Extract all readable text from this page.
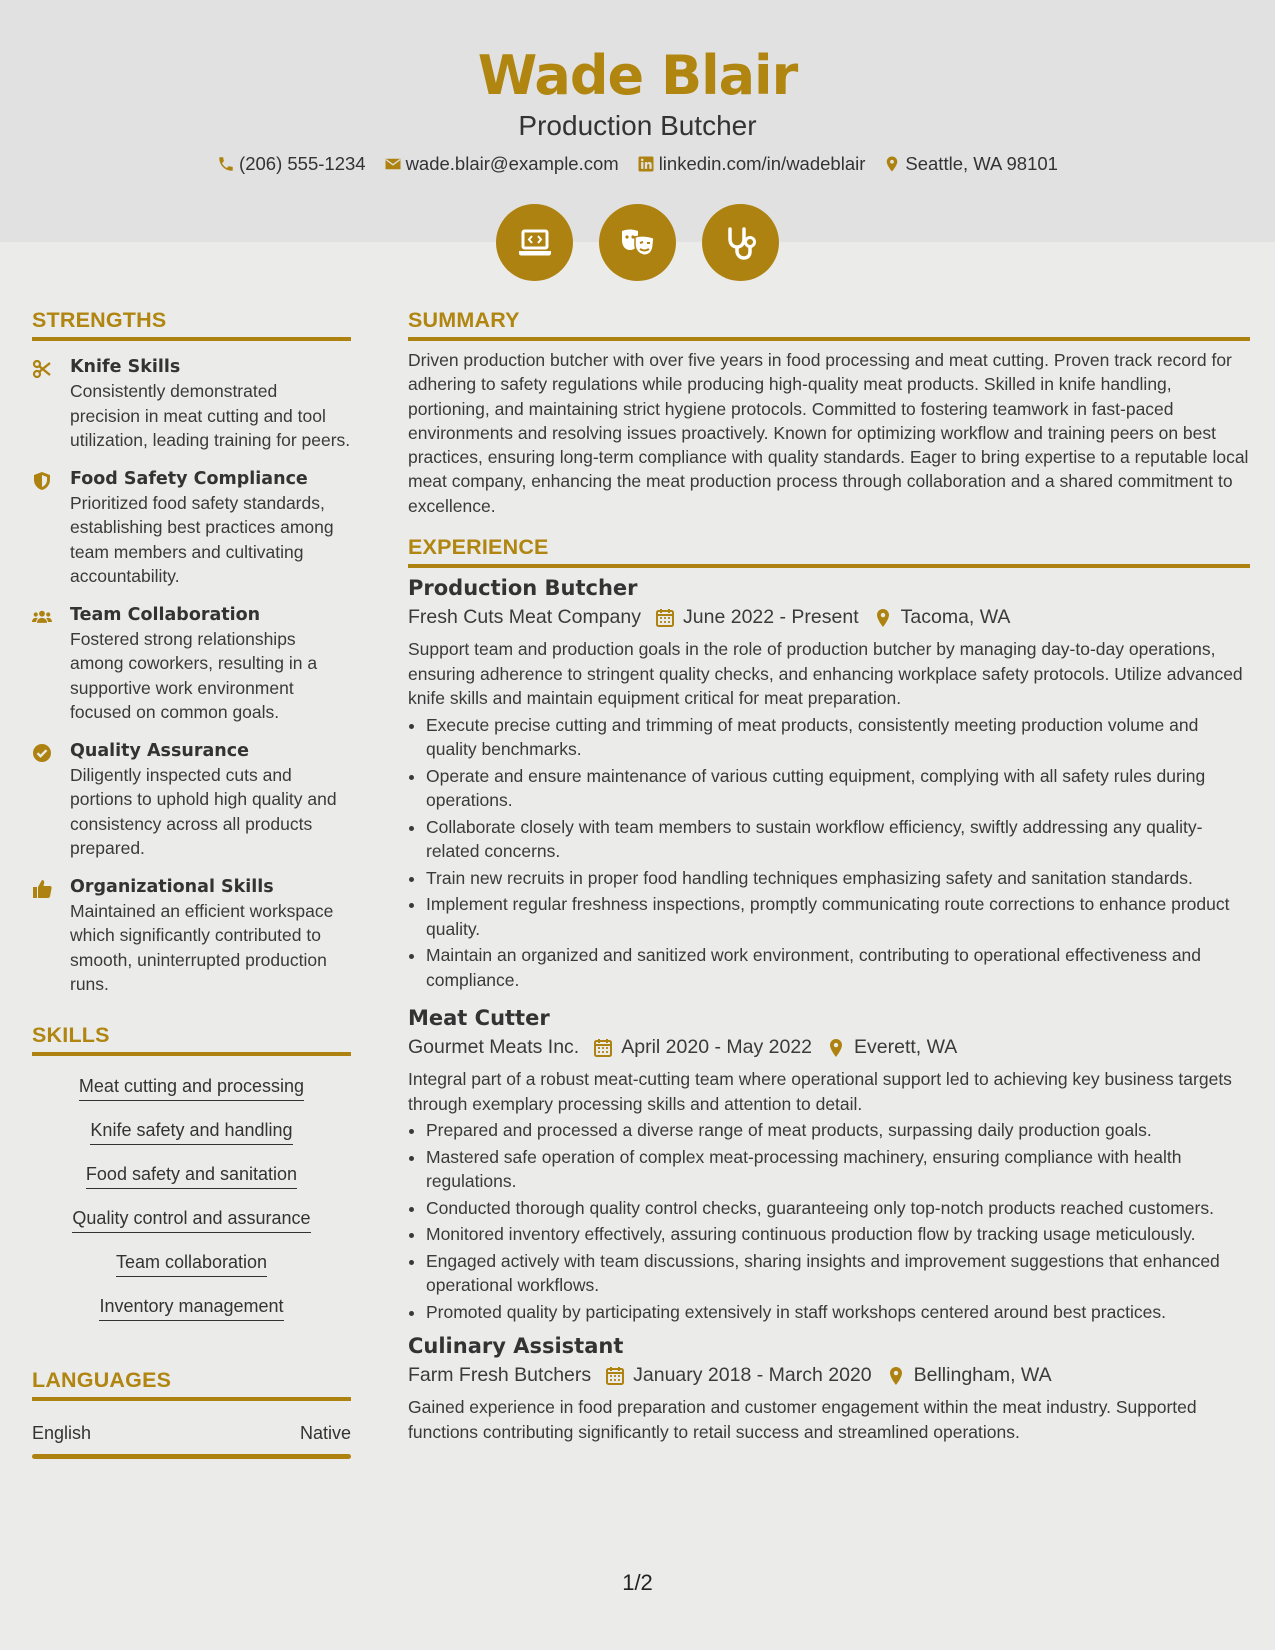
Wade Blair
Production Butcher
(206) 555-1234 wade.blair@example.com linkedin.com/in/wadeblair Seattle, WA 98101
STRENGTHS
Knife Skills
Consistently demonstrated precision in meat cutting and tool utilization, leading training for peers.
Food Safety Compliance
Prioritized food safety standards, establishing best practices among team members and cultivating accountability.
Team Collaboration
Fostered strong relationships among coworkers, resulting in a supportive work environment focused on common goals.
Quality Assurance
Diligently inspected cuts and portions to uphold high quality and consistency across all products prepared.
Organizational Skills
Maintained an efficient workspace which significantly contributed to smooth, uninterrupted production runs.
SKILLS
Meat cutting and processing
Knife safety and handling
Food safety and sanitation
Quality control and assurance
Team collaboration
Inventory management
LANGUAGES
English	Native
SUMMARY
Driven production butcher with over five years in food processing and meat cutting. Proven track record for adhering to safety regulations while producing high-quality meat products. Skilled in knife handling, portioning, and maintaining strict hygiene protocols. Committed to fostering teamwork in fast-paced environments and resolving issues proactively. Known for optimizing workflow and training peers on best practices, ensuring long-term compliance with quality standards. Eager to bring expertise to a reputable local meat company, enhancing the meat production process through collaboration and a shared commitment to excellence.
EXPERIENCE
Production Butcher
Fresh Cuts Meat Company June 2022 - Present Tacoma, WA
Support team and production goals in the role of production butcher by managing day-to-day operations, ensuring adherence to stringent quality checks, and enhancing workplace safety protocols. Utilize advanced knife skills and maintain equipment critical for meat preparation.
• Execute precise cutting and trimming of meat products, consistently meeting production volume and quality benchmarks.
• Operate and ensure maintenance of various cutting equipment, complying with all safety rules during operations.
• Collaborate closely with team members to sustain workflow efficiency, swiftly addressing any quality-related concerns.
• Train new recruits in proper food handling techniques emphasizing safety and sanitation standards.
• Implement regular freshness inspections, promptly communicating route corrections to enhance product quality.
• Maintain an organized and sanitized work environment, contributing to operational effectiveness and compliance.
Meat Cutter
Gourmet Meats Inc. April 2020 - May 2022 Everett, WA
Integral part of a robust meat-cutting team where operational support led to achieving key business targets through exemplary processing skills and attention to detail.
• Prepared and processed a diverse range of meat products, surpassing daily production goals.
• Mastered safe operation of complex meat-processing machinery, ensuring compliance with health regulations.
• Conducted thorough quality control checks, guaranteeing only top-notch products reached customers.
• Monitored inventory effectively, assuring continuous production flow by tracking usage meticulously.
• Engaged actively with team discussions, sharing insights and improvement suggestions that enhanced operational workflows.
• Promoted quality by participating extensively in staff workshops centered around best practices.
Culinary Assistant
Farm Fresh Butchers January 2018 - March 2020 Bellingham, WA
Gained experience in food preparation and customer engagement within the meat industry. Supported functions contributing significantly to retail success and streamlined operations.
1/2
